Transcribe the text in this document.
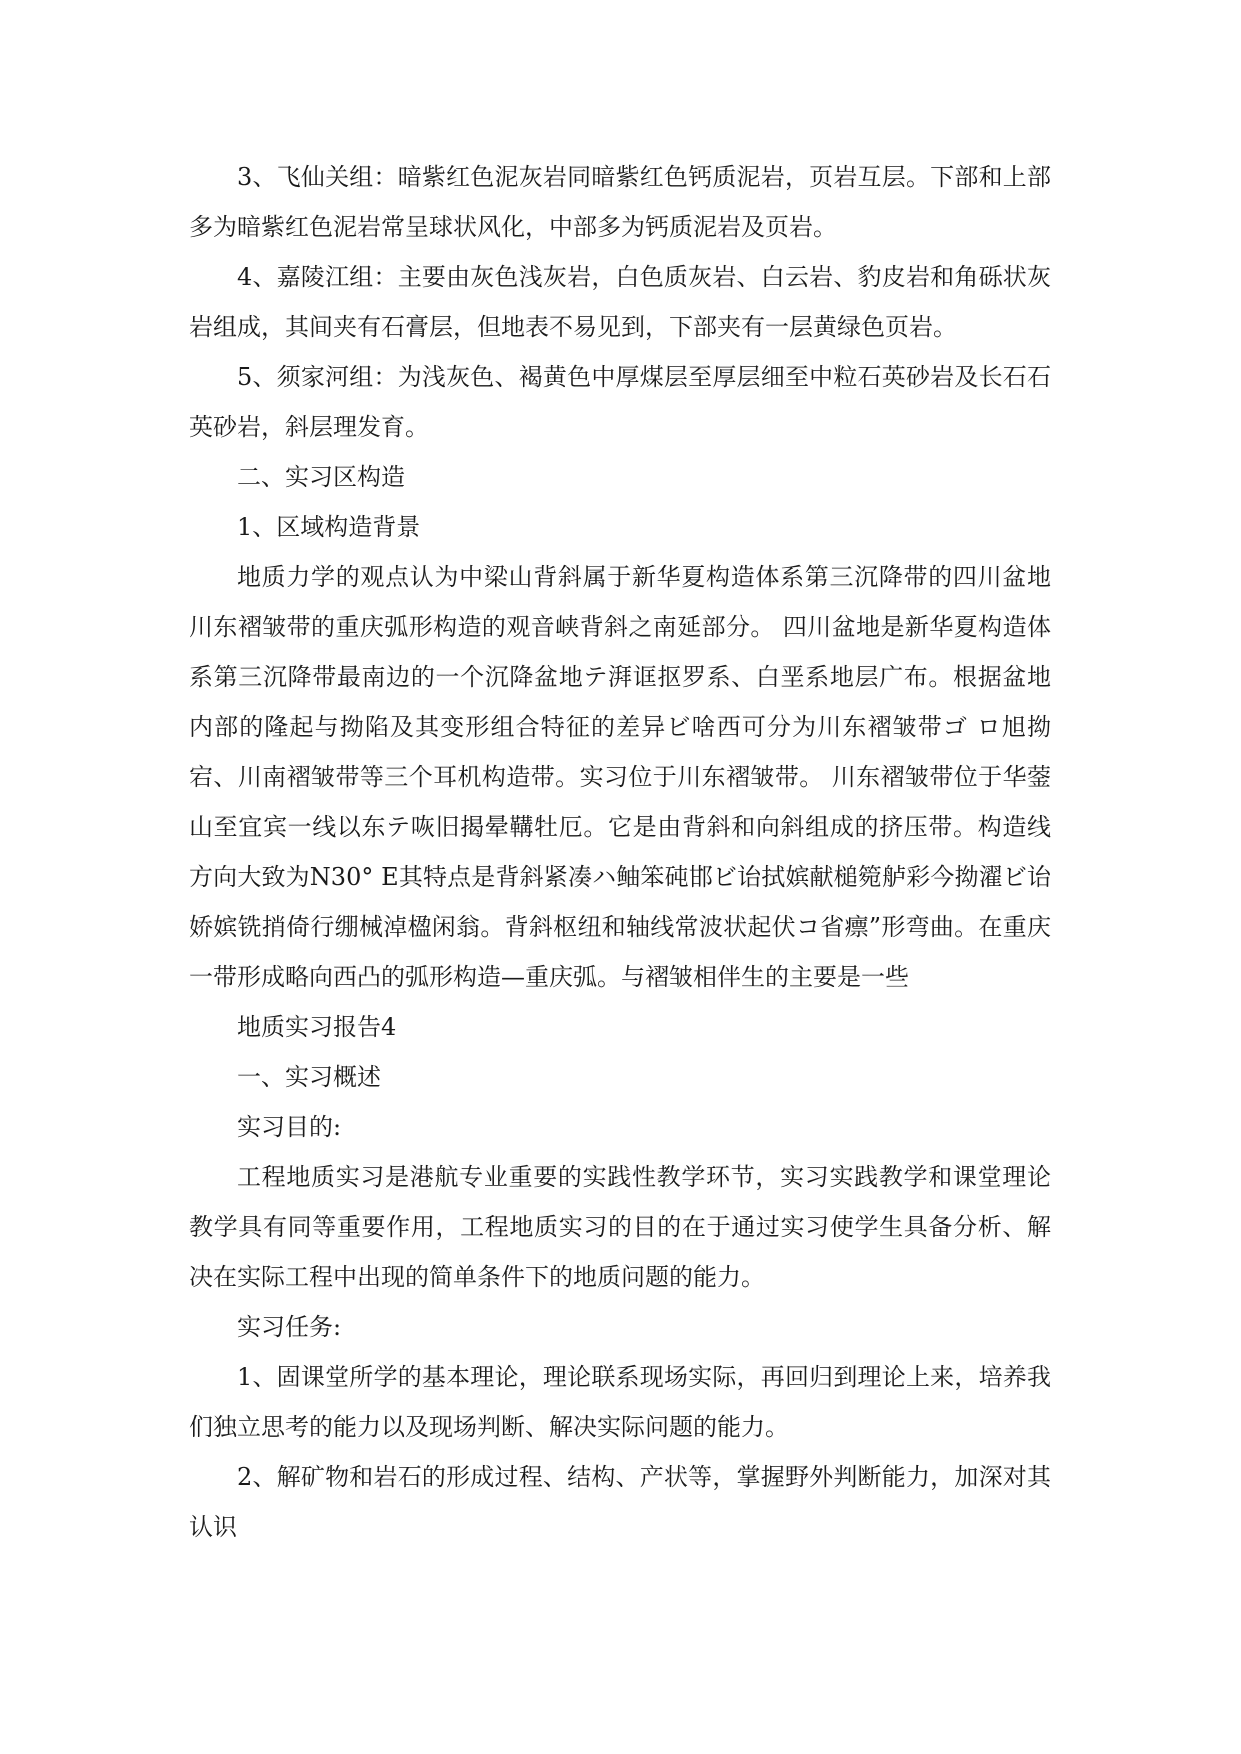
3、飞仙关组：暗紫红色泥灰岩同暗紫红色钙质泥岩，页岩互层。下部和上部多为暗紫红色泥岩常呈球状风化，中部多为钙质泥岩及页岩。

4、嘉陵江组：主要由灰色浅灰岩，白色质灰岩、白云岩、豹皮岩和角砾状灰岩组成，其间夹有石膏层，但地表不易见到，下部夹有一层黄绿色页岩。

5、须家河组：为浅灰色、褐黄色中厚煤层至厚层细至中粒石英砂岩及长石石英砂岩，斜层理发育。

二、实习区构造

1、区域构造背景

地质力学的观点认为中梁山背斜属于新华夏构造体系第三沉降带的四川盆地川东褶皱带的重庆弧形构造的观音峡背斜之南延部分。 四川盆地是新华夏构造体系第三沉降带最南边的一个沉降盆地テ湃诓抠罗系、白垩系地层广布。根据盆地内部的隆起与拗陷及其变形组合特征的差异ビ啥西可分为川东褶皱带ゴ ロ旭拗宕、川南褶皱带等三个耳机构造带。实习位于川东褶皱带。 川东褶皱带位于华蓥山至宜宾一线以东テ咴旧揭晕鞲牡厄。它是由背斜和向斜组成的挤压带。构造线方向大致为N30° E其特点是背斜紧凑ハ鲉笨砘邯ビ诒拭嫔献槌箢舻彩今拗濯ビ诒娇嫔铣捎倚行绷械淖楹闲翁。背斜枢纽和轴线常波状起伏コ省瘭”形弯曲。在重庆一带形成略向西凸的弧形构造—重庆弧。与褶皱相伴生的主要是一些

地质实习报告4

一、实习概述

实习目的:

工程地质实习是港航专业重要的实践性教学环节，实习实践教学和课堂理论教学具有同等重要作用，工程地质实习的目的在于通过实习使学生具备分析、解决在实际工程中出现的简单条件下的地质问题的能力。

实习任务:

1、固课堂所学的基本理论，理论联系现场实际，再回归到理论上来，培养我们独立思考的能力以及现场判断、解决实际问题的能力。

2、解矿物和岩石的形成过程、结构、产状等，掌握野外判断能力，加深对其认识
